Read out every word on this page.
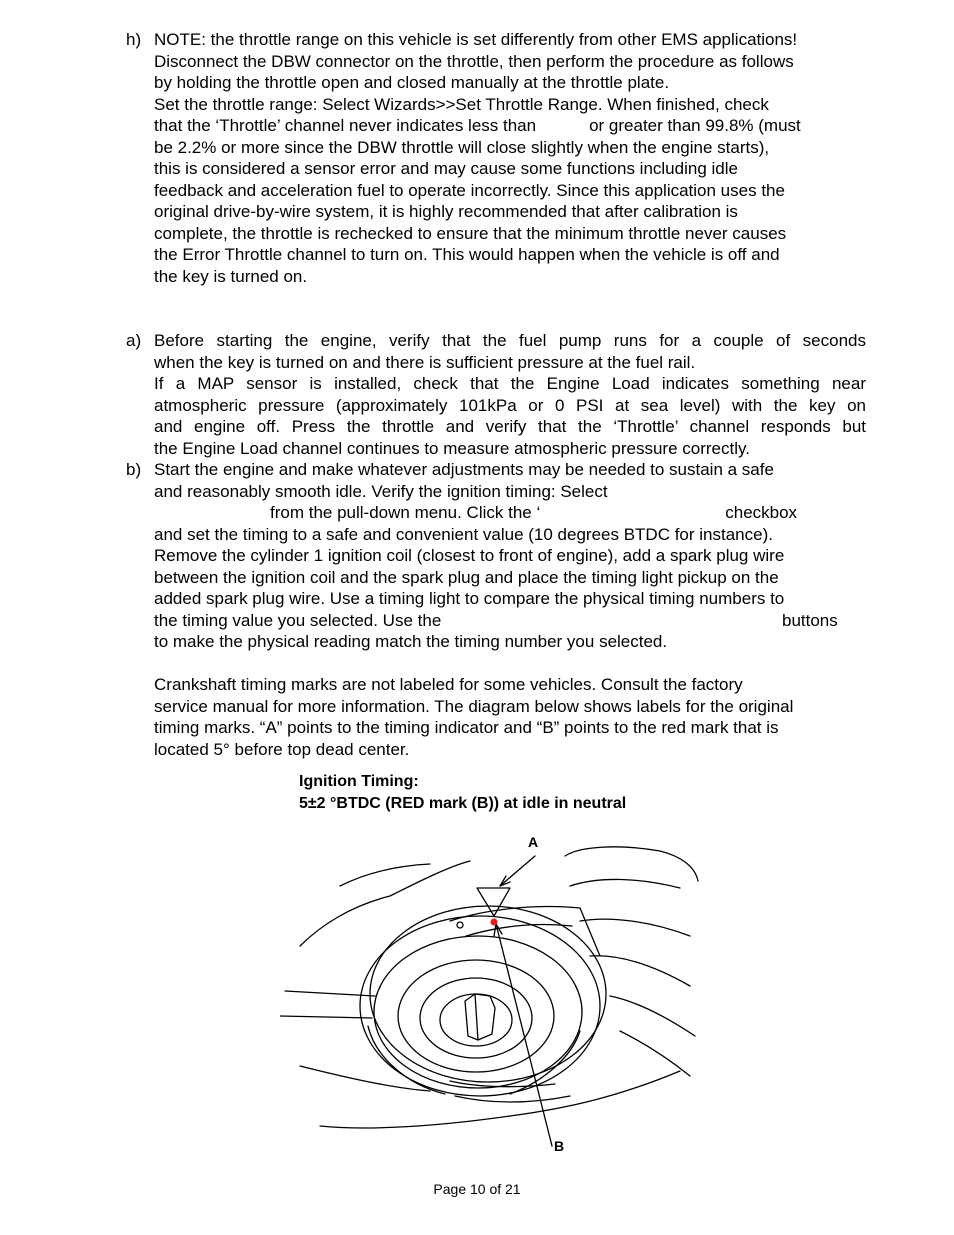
h) NOTE: the throttle range on this vehicle is set differently from other EMS applications!
Disconnect the DBW connector on the throttle, then perform the procedure as follows
by holding the throttle open and closed manually at the throttle plate.
Set the throttle range: Select Wizards>>Set Throttle Range. When finished, check
that the ‘Throttle’ channel never indicates less than	or greater than 99.8% (must
be 2.2% or more since the DBW throttle will close slightly when the engine starts),
this is considered a sensor error and may cause some functions including idle
feedback and acceleration fuel to operate incorrectly. Since this application uses the
original drive-by-wire system, it is highly recommended that after calibration is
complete, the throttle is rechecked to ensure that the minimum throttle never causes
the Error Throttle channel to turn on. This would happen when the vehicle is off and
the key is turned on.
a) Before starting the engine, verify that the fuel pump runs for a couple of seconds
when the key is turned on and there is sufficient pressure at the fuel rail.
If a MAP sensor is installed, check that the Engine Load indicates something near
atmospheric pressure (approximately 101kPa or 0 PSI at sea level) with the key on
and engine off. Press the throttle and verify that the ‘Throttle’ channel responds but
the Engine Load channel continues to measure atmospheric pressure correctly.
b) Start the engine and make whatever adjustments may be needed to sustain a safe
and reasonably smooth idle. Verify the ignition timing: Select
from the pull-down menu. Click the ‘	checkbox
and set the timing to a safe and convenient value (10 degrees BTDC for instance).
Remove the cylinder 1 ignition coil (closest to front of engine), add a spark plug wire
between the ignition coil and the spark plug and place the timing light pickup on the
added spark plug wire. Use a timing light to compare the physical timing numbers to
the timing value you selected. Use the	buttons
to make the physical reading match the timing number you selected.
Crankshaft timing marks are not labeled for some vehicles. Consult the factory
service manual for more information. The diagram below shows labels for the original
timing marks. “A” points to the timing indicator and “B” points to the red mark that is
located 5° before top dead center.
Ignition Timing:
5±2 °BTDC (RED mark (B)) at idle in neutral
A
B
Page 10 of 21
